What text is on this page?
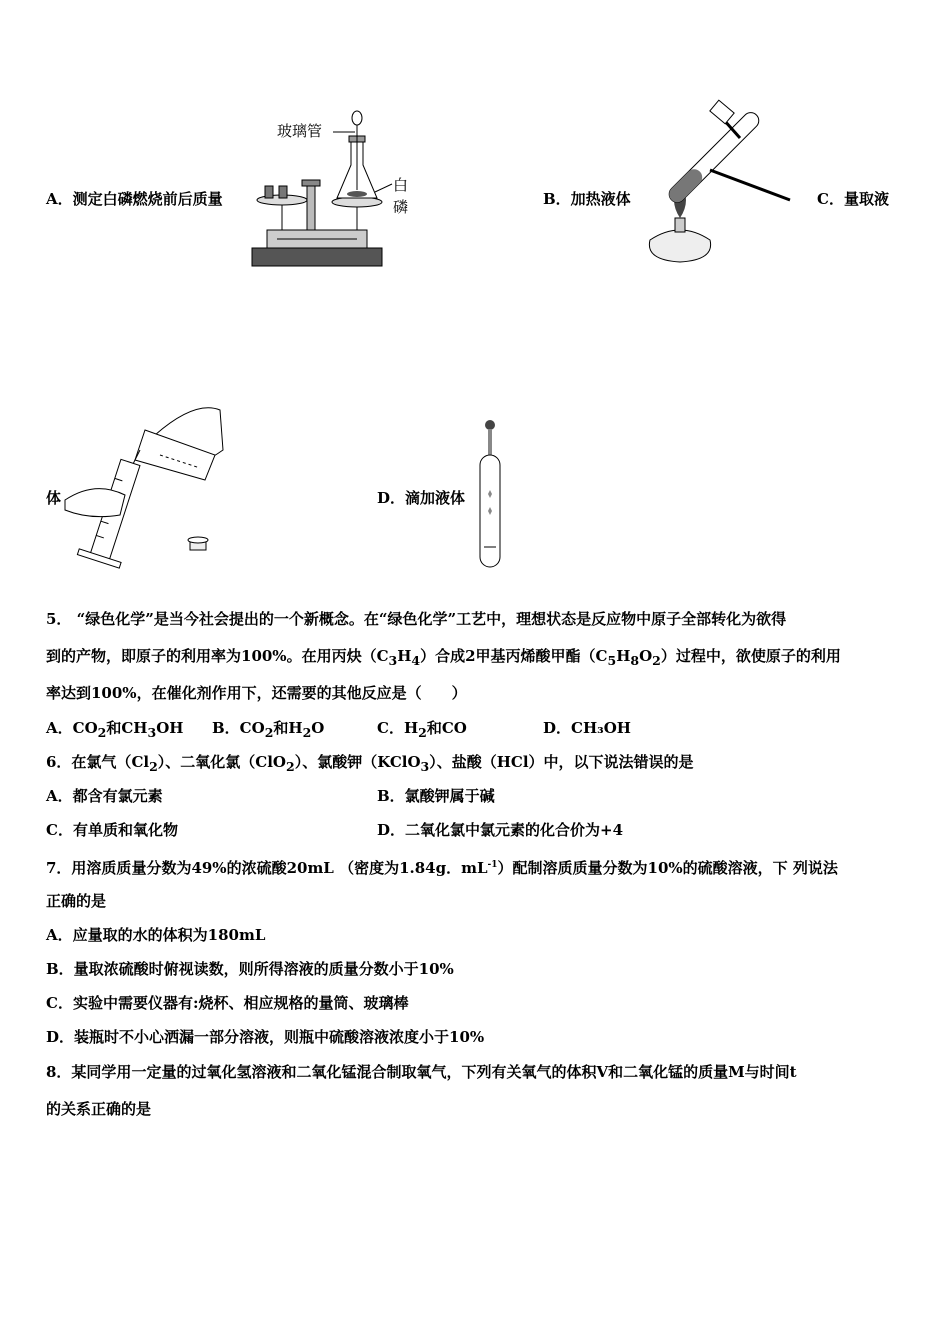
A．测定白磷燃烧前后质量
玻璃管
白
磷	B．加热液体	C．量取液
体	D．滴加液体
5． “绿色化学”是当今社会提出的一个新概念。在“绿色化学”工艺中，理想状态是反应物中原子全部转化为欲得
到的产物，即原子的利用率为100%。在用丙炔$(C_3H_4)$合成2甲基丙烯酸甲酯$(C_5H_8O_2)$过程中，欲使原子的利用
率达到100%，在催化剂作用下，还需要的其他反应是（　　）
A．$CO_2$和$CH_3OH$ B．$CO_2$和$H_2O$	C．$H_2$和CO	D．CH₃OH
6．在氯气$(Cl_2)$、二氧化氯（ClO$_2$）、氯酸钾（KClO$_3$）、盐酸（HCl）中，以下说法错误的是
A．都含有氯元素	B．氯酸钾属于碱
C．有单质和氧化物	D．二氧化氯中氯元素的化合价为+4
7．用溶质质量分数为49%的浓硫酸20mL （密度为1.84g．$mL^{-1}$）配制溶质质量分数为10%的硫酸溶液，下 列说法
正确的是
A．应量取的水的体积为180mL
B．量取浓硫酸时俯视读数，则所得溶液的质量分数小于10%
C．实验中需要仪器有:烧杯、相应规格的量筒、玻璃棒
D．装瓶时不小心洒漏一部分溶液，则瓶中硫酸溶液浓度小于10%
8．某同学用一定量的过氧化氢溶液和二氧化锰混合制取氧气，下列有关氧气的体积V和二氧化锰的质量M与时间t
的关系正确的是
